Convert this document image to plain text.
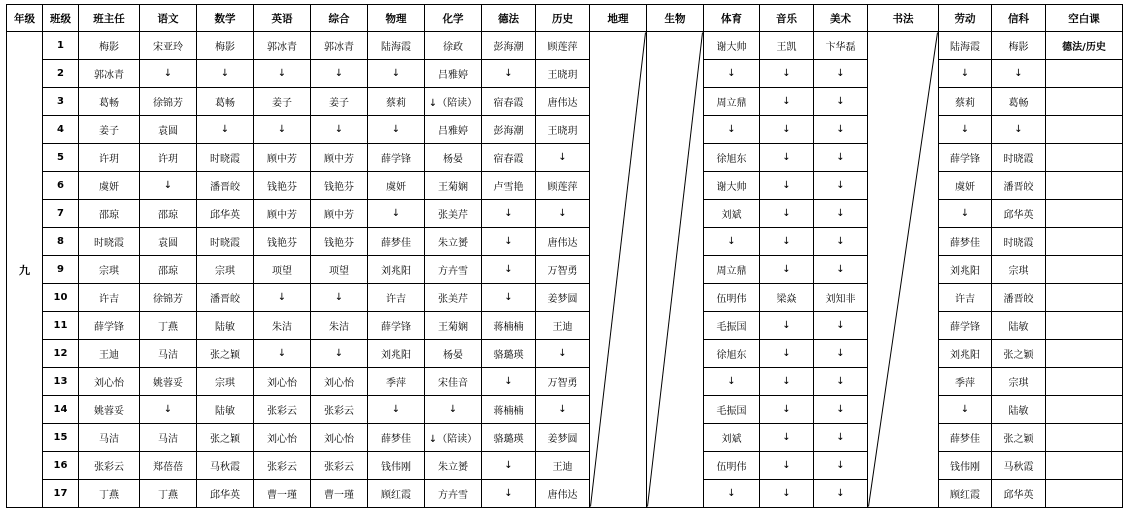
年级	班级	班主任	语文	数学	英语	综合	物理	化学	德法	历史	地理	生物	体育	音乐	美术	书法	劳动	信科	空白课
九	1	梅影	宋亚玲	梅影	郭冰青	郭冰青	陆海霞	徐政	彭海潮	顾莲萍			谢大帅	王凯	卞华磊		陆海霞	梅影	德法/历史
	2	郭冰青	↓	↓	↓	↓	↓	吕雅婷	↓	王晓玥			↓	↓	↓		↓	↓	
	3	葛畅	徐锦芳	葛畅	姜子	姜子	蔡莉	↓（陪读）	宿春霞	唐伟达			周立鼎	↓	↓		蔡莉	葛畅	
	4	姜子	袁圆	↓	↓	↓	↓	吕雅婷	彭海潮	王晓玥			↓	↓	↓		↓	↓	
	5	许玥	许玥	时晓霞	顾中芳	顾中芳	薛学锋	杨晏	宿春霞	↓			徐旭东	↓	↓		薛学锋	时晓霞	
	6	虞妍	↓	潘晋皎	钱艳芬	钱艳芬	虞妍	王菊娴	卢雪艳	顾莲萍			谢大帅	↓	↓		虞妍	潘晋皎	
	7	邵琼	邵琼	邱华英	顾中芳	顾中芳	↓	张美芹	↓	↓			刘斌	↓	↓		↓	邱华英	
	8	时晓霞	袁圆	时晓霞	钱艳芬	钱艳芬	薛梦佳	朱立赟	↓	唐伟达			↓	↓	↓		薛梦佳	时晓霞	
	9	宗琪	邵琼	宗琪	项望	项望	刘兆阳	方卉雪	↓	万智勇			周立鼎	↓	↓		刘兆阳	宗琪	
	10	许吉	徐锦芳	潘晋皎	↓	↓	许吉	张美芹	↓	姜梦圆			伍明伟	梁焱	刘知非		许吉	潘晋皎	
	11	薛学锋	丁燕	陆敏	朱洁	朱洁	薛学锋	王菊娴	蒋楠楠	王迪			毛振国	↓	↓		薛学锋	陆敏	
	12	王迪	马洁	张之颖	↓	↓	刘兆阳	杨晏	骆璐瑛	↓			徐旭东	↓	↓		刘兆阳	张之颖	
	13	刘心怡	姚蓉妥	宗琪	刘心怡	刘心怡	季萍	宋佳音	↓	万智勇			↓	↓	↓		季萍	宗琪	
	14	姚蓉妥	↓	陆敏	张彩云	张彩云	↓	↓	蒋楠楠	↓			毛振国	↓	↓		↓	陆敏	
	15	马洁	马洁	张之颖	刘心怡	刘心怡	薛梦佳	↓（陪读）	骆璐瑛	姜梦圆			刘斌	↓	↓		薛梦佳	张之颖	
	16	张彩云	郑蓓蓓	马秋霞	张彩云	张彩云	钱伟刚	朱立赟	↓	王迪			伍明伟	↓	↓		钱伟刚	马秋霞	
	17	丁燕	丁燕	邱华英	曹一瑾	曹一瑾	顾红霞	方卉雪	↓	唐伟达			↓	↓	↓		顾红霞	邱华英	
